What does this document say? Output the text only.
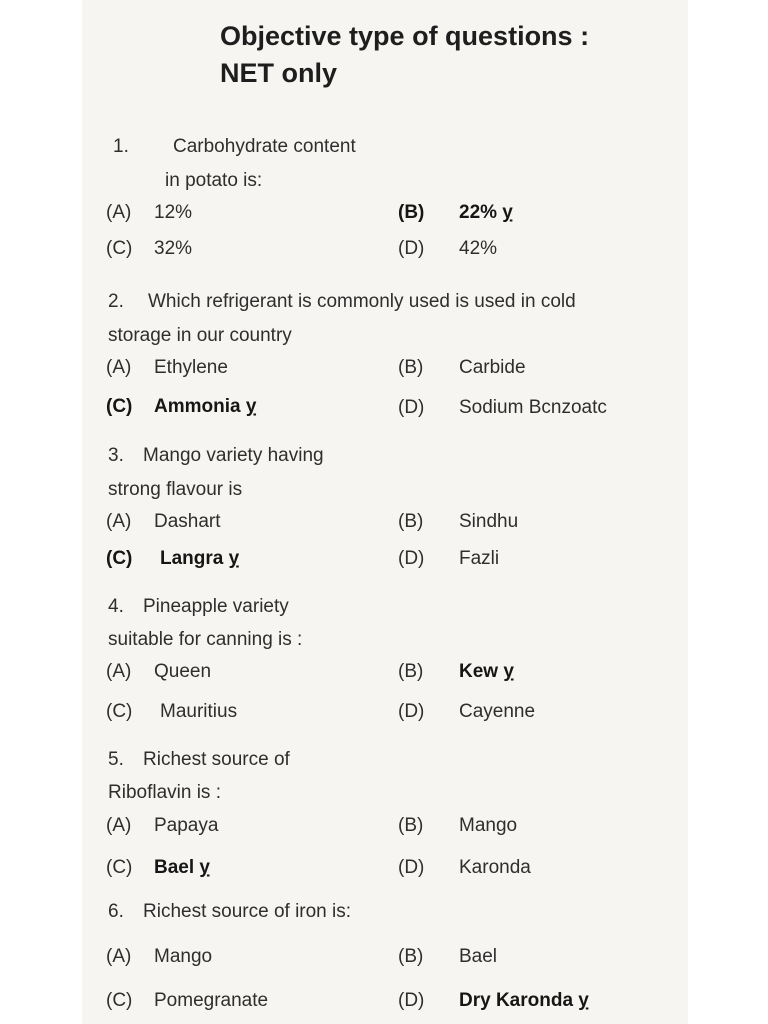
Objective type of questions :
NET only
1. Carbohydrate content
in potato is:
(A) 12%	(B) 22% ỵ
(C) 32%	(D) 42%
2. Which refrigerant is commonly used is used in cold
storage in our country
(A) Ethylene	(B) Carbide
(C) Ammonia ỵ	(D) Sodium Bcnzoatc
3. Mango variety having
strong flavour is
(A) Dashart	(B) Sindhu
(C) Langra ỵ	(D) Fazli
4. Pineapple variety
suitable for canning is :
(A) Queen	(B) Kew ỵ
(C) Mauritius	(D) Cayenne
5. Richest source of
Riboflavin is :
(A) Papaya	(B) Mango
(C) Bael ỵ	(D) Karonda
6. Richest source of iron is:
(A) Mango	(B) Bael
(C) Pomegranate	(D) Dry Karonda ỵ
